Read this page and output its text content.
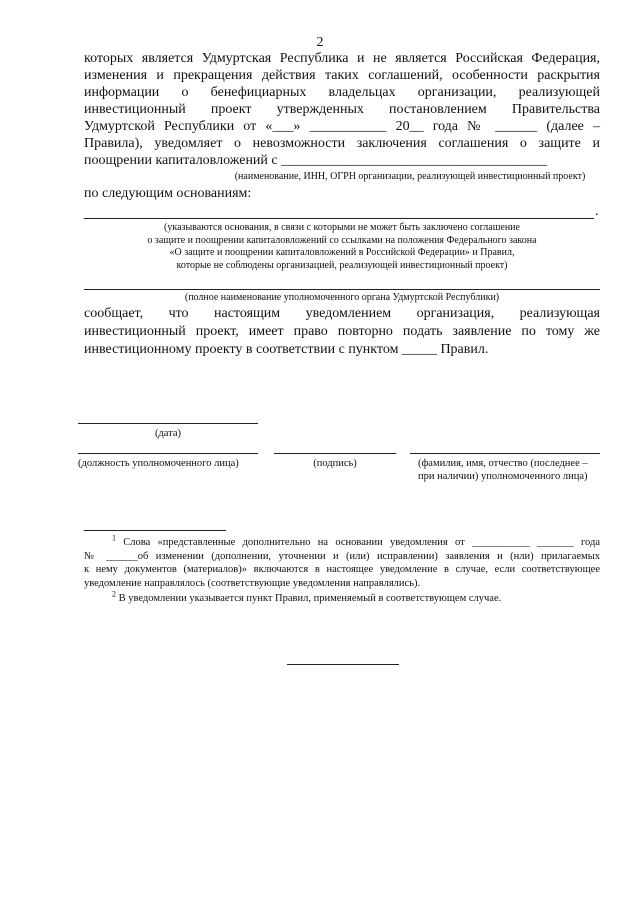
2
которых является Удмуртская Республика и не является Российская Федерация,
изменения и прекращения действия таких соглашений, особенности раскрытия
информации о бенефициарных владельцах организации, реализующей
инвестиционный проект утвержденных постановлением Правительства
Удмуртской Республики от «___» ___________ 20__ года № ______ (далее –
Правила), уведомляет о невозможности заключения соглашения о защите и
поощрении капиталовложений с ______________________________________
(наименование, ИНН, ОГРН организации, реализующей инвестиционный проект)
по следующим основаниям:
.
(указываются основания, в связи с которыми не может быть заключено соглашение
о защите и поощрении капиталовложений со ссылками на положения Федерального закона
«О защите и поощрении капиталовложений в Российской Федерации» и Правил,
которые не соблюдены организацией, реализующей инвестиционный проект)
(полное наименование уполномоченного органа Удмуртской Республики)
сообщает, что настоящим уведомлением организация, реализующая
инвестиционный проект, имеет право повторно подать заявление по тому же
инвестиционному проекту в соответствии с пунктом _____ Правил.
(дата)
(должность уполномоченного лица)	(подпись)	(фамилия, имя, отчество (последнее –
при наличии) уполномоченного лица)
$^1$ Слова «представленные дополнительно на основании уведомления от ___________ _______ года
№ ______об изменении (дополнении, уточнении и (или) исправлении) заявления и (нли) прилагаемых
к нему документов (материалов)» включаются в настоящее уведомление в случае, если соответствующее
уведомление направлялось (соответствующие уведомления направлялись).
$^2$ В уведомлении указывается пункт Правил, применяемый в соответствующем случае.
